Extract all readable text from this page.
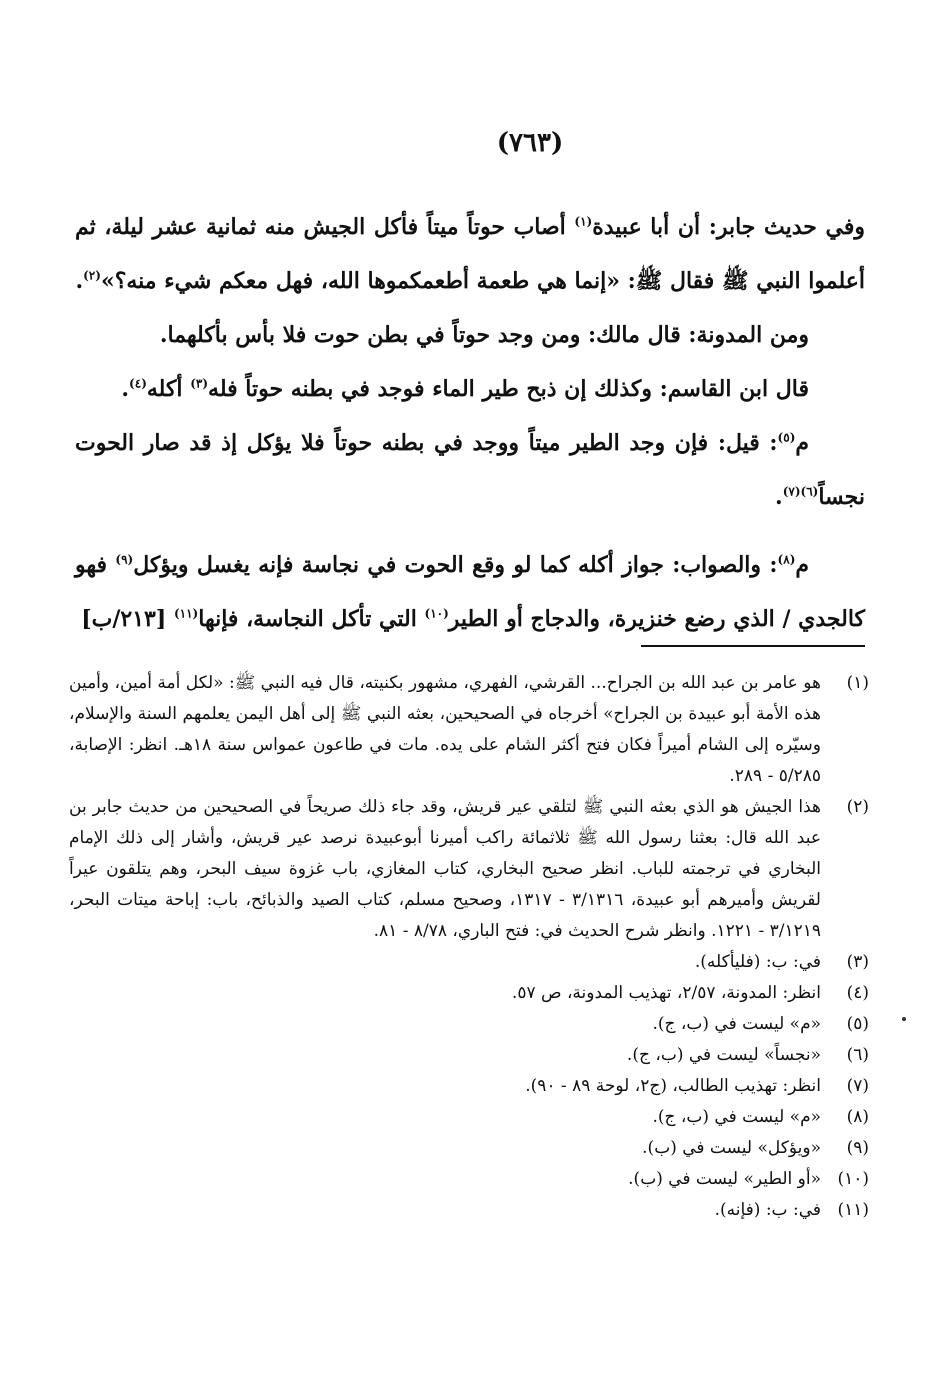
(٧٦٣)

وفي حديث جابر: أن أبا عبيدة$^{(١)}$ أصاب حوتاً ميتاً فأكل الجيش منه ثمانية عشر ليلة، ثم أعلموا النبي ﷺ فقال ﷺ: «إنما هي طعمة أطعمكموها الله، فهل معكم شيء منه؟»$^{(٢)}$.

ومن المدونة: قال مالك: ومن وجد حوتاً في بطن حوت فلا بأس بأكلهما.

قال ابن القاسم: وكذلك إن ذبح طير الماء فوجد في بطنه حوتاً فله$^{(٣)}$ أكله$^{(٤)}$.

م$^{(٥)}$: قيل: فإن وجد الطير ميتاً ووجد في بطنه حوتاً فلا يؤكل إذ قد صار الحوت نجساً$^{(٦)(٧)}$.

م$^{(٨)}$: والصواب: جواز أكله كما لو وقع الحوت في نجاسة فإنه يغسل ويؤكل$^{(٩)}$ فهو كالجدي / الذي رضع خنزيرة، والدجاج أو الطير$^{(١٠)}$ التي تأكل النجاسة، فإنها$^{(١١)}$ [٢١٣/ب]

(١)
هو عامر بن عبد الله بن الجراح... القرشي، الفهري، مشهور بكنيته، قال فيه النبي ﷺ: «لكل أمة أمين، وأمين هذه الأمة أبو عبيدة بن الجراح» أخرجاه في الصحيحين، بعثه النبي ﷺ إلى أهل اليمن يعلمهم السنة والإسلام، وسيّره إلى الشام أميراً فكان فتح أكثر الشام على يده. مات في طاعون عمواس سنة ١٨هـ. انظر: الإصابة، ٥/٢٨٥ - ٢٨٩.
(٢)
هذا الجيش هو الذي بعثه النبي ﷺ لتلقي عير قريش، وقد جاء ذلك صريحاً في الصحيحين من حديث جابر بن عبد الله قال: بعثنا رسول الله ﷺ ثلاثمائة راكب أميرنا أبوعبيدة نرصد عير قريش، وأشار إلى ذلك الإمام البخاري في ترجمته للباب. انظر صحيح البخاري، كتاب المغازي، باب غزوة سيف البحر، وهم يتلقون عيراً لقريش وأميرهم أبو عبيدة، ٣/١٣١٦ - ١٣١٧، وصحيح مسلم، كتاب الصيد والذبائح، باب: إباحة ميتات البحر، ٣/١٢١٩ - ١٢٢١. وانظر شرح الحديث في: فتح الباري، ٨/٧٨ - ٨١.
(٣)
في: ب: (فليأكله).
(٤)
انظر: المدونة، ٢/٥٧، تهذيب المدونة، ص ٥٧.
(٥)
«م» ليست في (ب، ج).
(٦)
«نجساً» ليست في (ب، ج).
(٧)
انظر: تهذيب الطالب، (ج٢، لوحة ٨٩ - ٩٠).
(٨)
«م» ليست في (ب، ج).
(٩)
«ويؤكل» ليست في (ب).
(١٠)
«أو الطير» ليست في (ب).
(١١)
في: ب: (فإنه).
